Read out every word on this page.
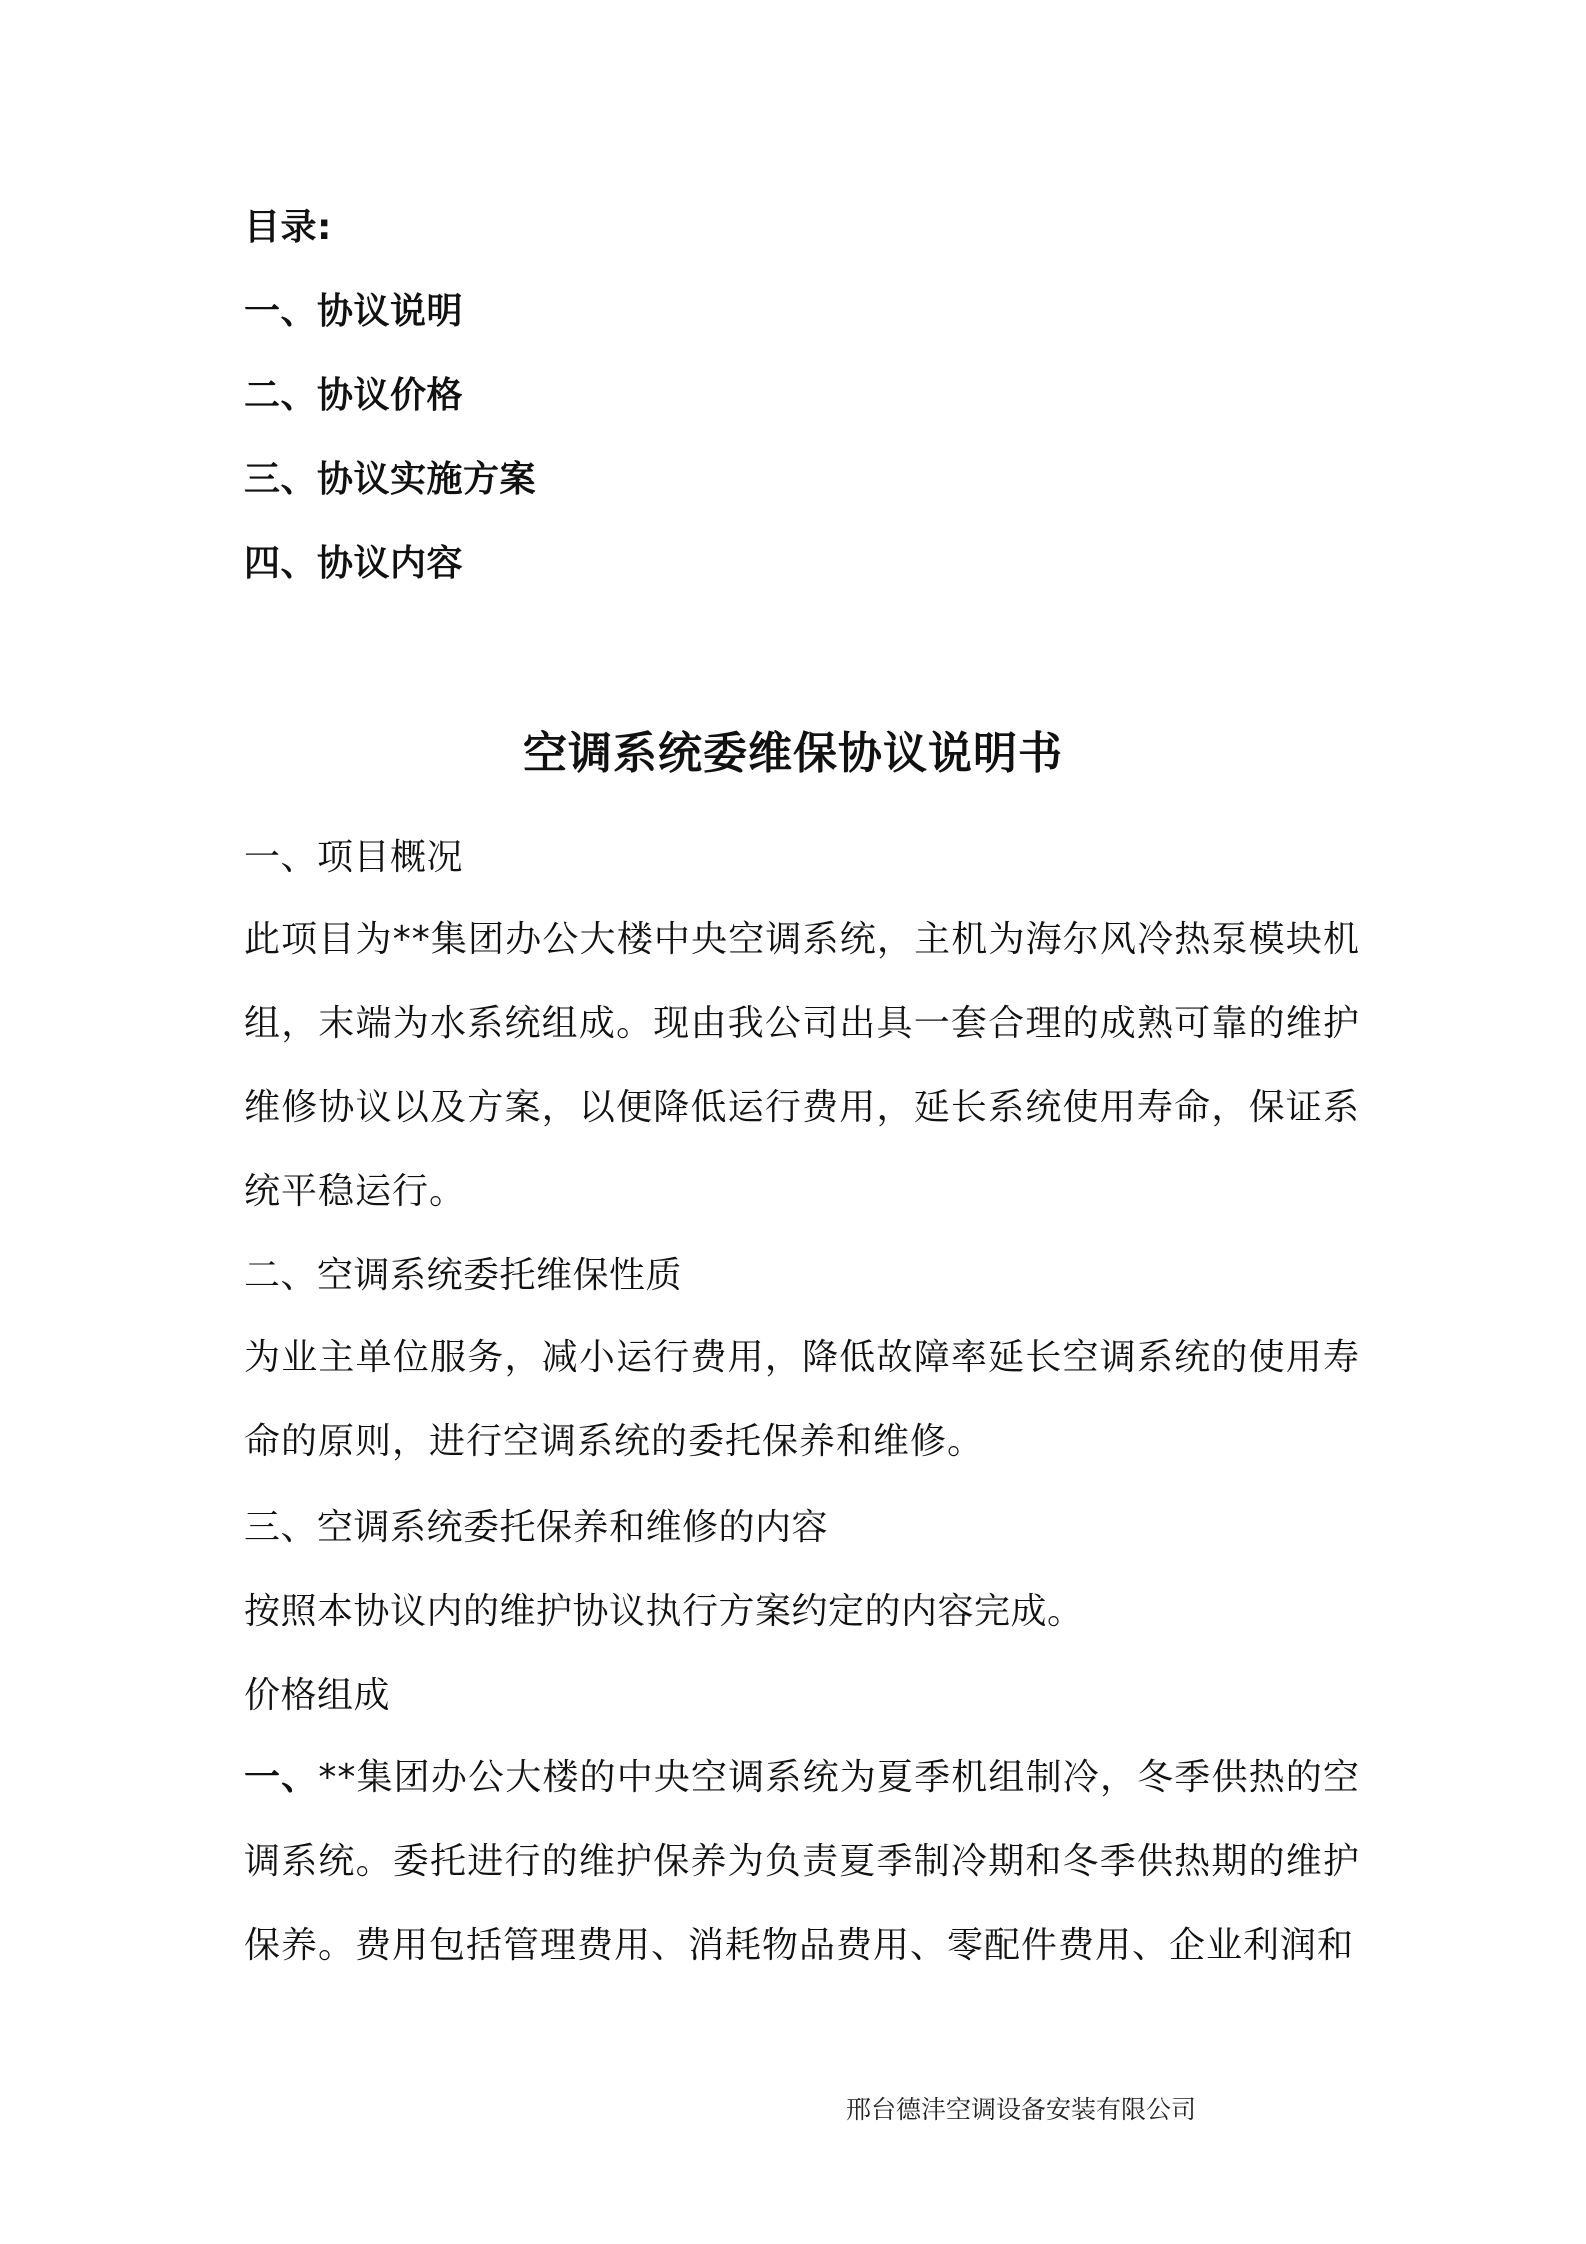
目录:
一、协议说明
二、协议价格
三、协议实施方案
四、协议内容
一、项目概况
此项目为**集团办公大楼中央空调系统，主机为海尔风冷热泵模块机组，末端为水系统组成。现由我公司出具一套合理的成熟可靠的维护维修协议以及方案，以便降低运行费用，延长系统使用寿命，保证系统平稳运行。
二、空调系统委托维保性质
为业主单位服务，减小运行费用，降低故障率延长空调系统的使用寿命的原则，进行空调系统的委托保养和维修。
三、空调系统委托保养和维修的内容
按照本协议内的维护协议执行方案约定的内容完成。
价格组成
一、**集团办公大楼的中央空调系统为夏季机组制冷，冬季供热的空调系统。委托进行的维护保养为负责夏季制冷期和冬季供热期的维护保养。费用包括管理费用、消耗物品费用、零配件费用、企业利润和
空调系统委维保协议说明书
邢台德沣空调设备安装有限公司
